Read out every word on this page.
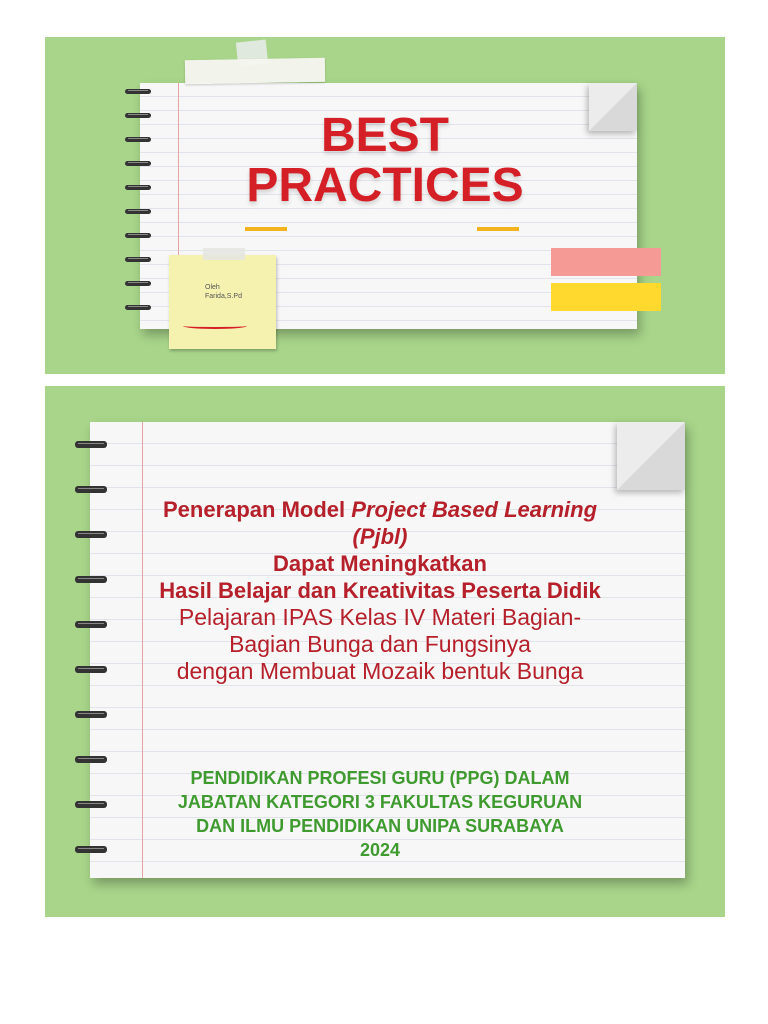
BEST
PRACTICES
Oleh
Farida,S.Pd

Penerapan Model Project Based Learning

(Pjbl)

Dapat Meningkatkan

Hasil Belajar dan Kreativitas Peserta Didik

Pelajaran IPAS Kelas IV Materi Bagian-

Bagian Bunga dan Fungsinya

dengan Membuat Mozaik bentuk Bunga

PENDIDIKAN PROFESI GURU (PPG) DALAM

JABATAN KATEGORI 3 FAKULTAS KEGURUAN

DAN ILMU PENDIDIKAN UNIPA SURABAYA

2024
